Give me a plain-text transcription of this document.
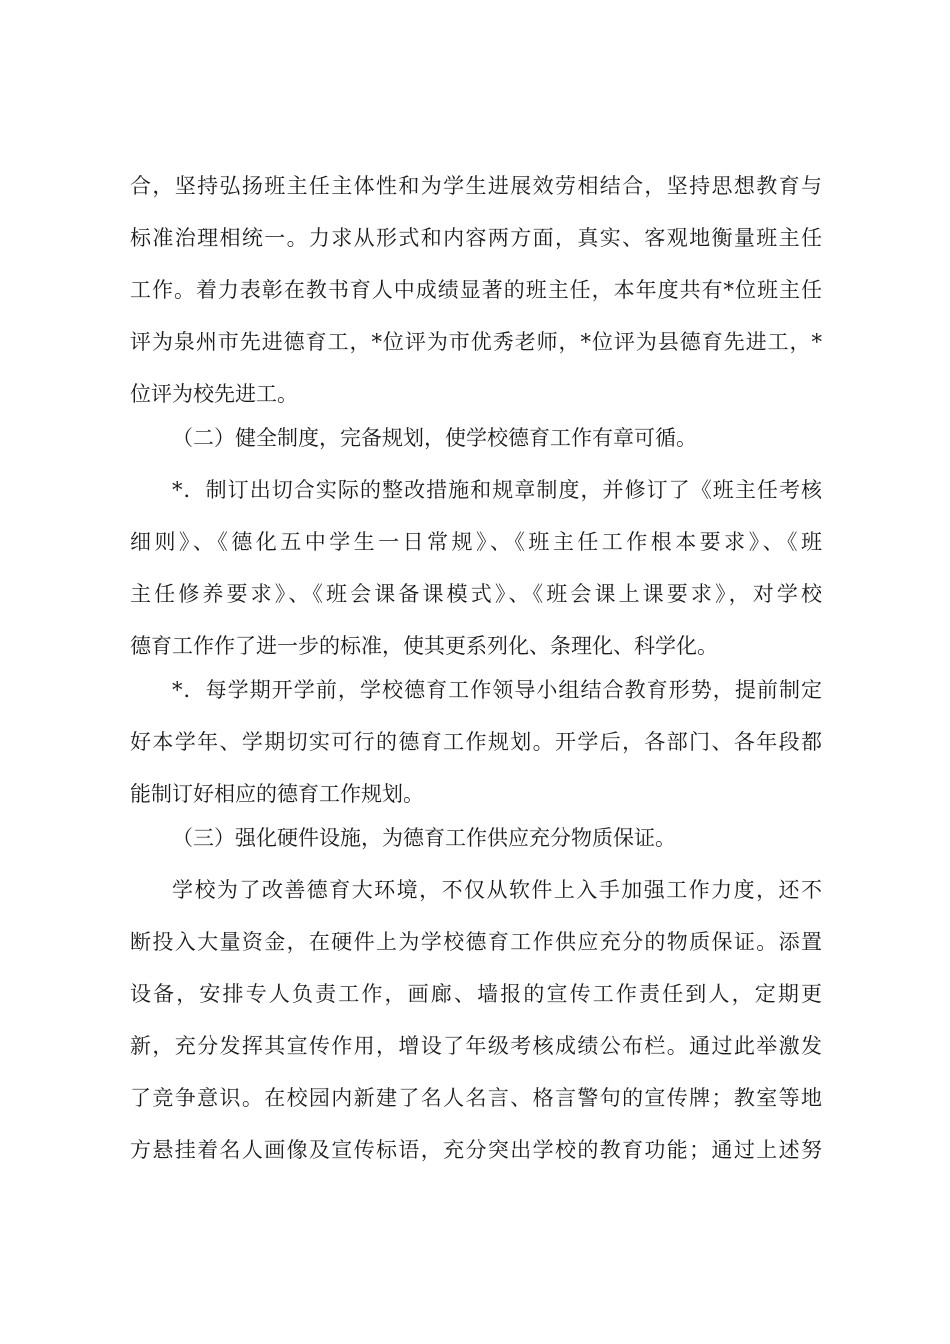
合，坚持弘扬班主任主体性和为学生进展效劳相结合，坚持思想教育与
标准治理相统一。力求从形式和内容两方面，真实、客观地衡量班主任
工作。着力表彰在教书育人中成绩显著的班主任，本年度共有*位班主任
评为泉州市先进德育工，*位评为市优秀老师，*位评为县德育先进工，*
位评为校先进工。
（二）健全制度，完备规划，使学校德育工作有章可循。
*．制订出切合实际的整改措施和规章制度，并修订了《班主任考核
细则》、《德化五中学生一日常规》、《班主任工作根本要求》、《班
主任修养要求》、《班会课备课模式》、《班会课上课要求》，对学校
德育工作作了进一步的标准，使其更系列化、条理化、科学化。
*．每学期开学前，学校德育工作领导小组结合教育形势，提前制定
好本学年、学期切实可行的德育工作规划。开学后，各部门、各年段都
能制订好相应的德育工作规划。
（三）强化硬件设施，为德育工作供应充分物质保证。
学校为了改善德育大环境，不仅从软件上入手加强工作力度，还不
断投入大量资金，在硬件上为学校德育工作供应充分的物质保证。添置
设备，安排专人负责工作，画廊、墙报的宣传工作责任到人，定期更
新，充分发挥其宣传作用，增设了年级考核成绩公布栏。通过此举激发
了竞争意识。在校园内新建了名人名言、格言警句的宣传牌；教室等地
方悬挂着名人画像及宣传标语，充分突出学校的教育功能；通过上述努
